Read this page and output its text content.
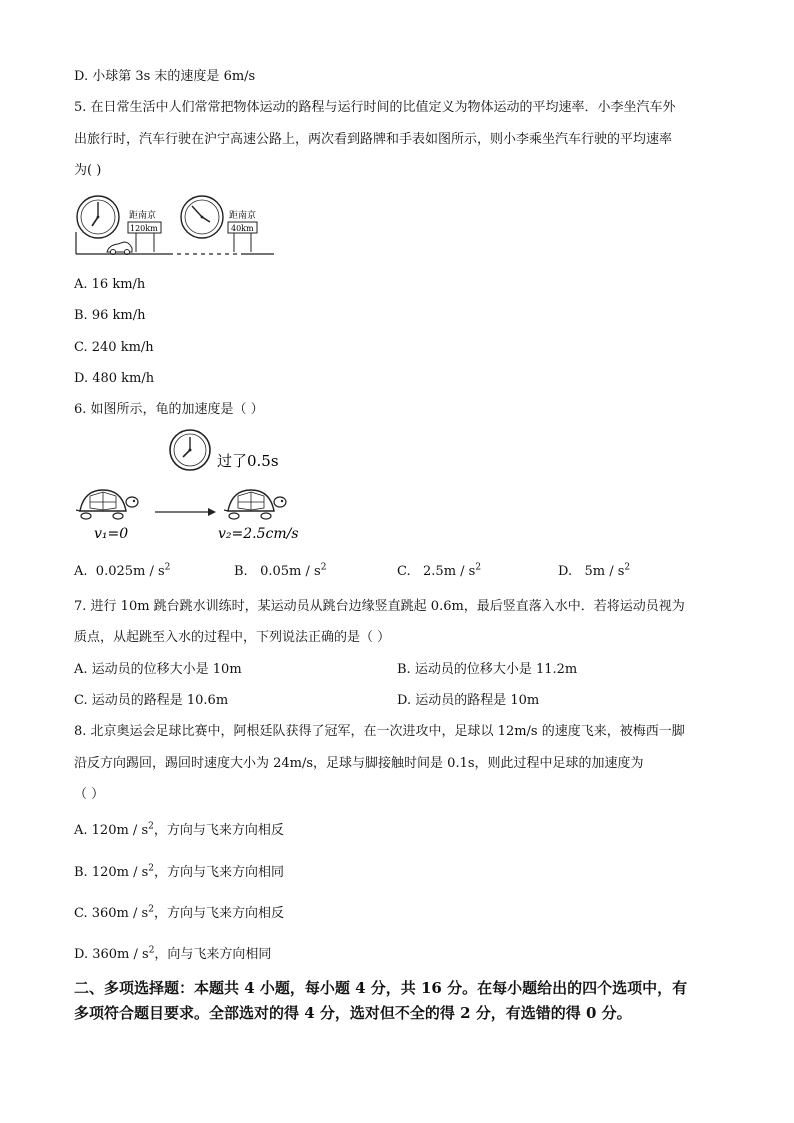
D. 小球第 3s 末的速度是 6m/s
5. 在日常生活中人们常常把物体运动的路程与运行时间的比值定义为物体运动的平均速率．小李坐汽车外
出旅行时，汽车行驶在沪宁高速公路上，两次看到路牌和手表如图所示，则小李乘坐汽车行驶的平均速率
为( )
距南京
120km
距南京
40km
A. 16 km/h
B. 96 km/h
C. 240 km/h
D. 480 km/h
6. 如图所示，龟的加速度是（ ）
过了0.5s
v₁=0	v₂=2.5cm/s
A. $0.025m / s^2$	B. $0.05m / s^2$	C. $2.5m / s^2$	D. $5m / s^2$
7. 进行 10m 跳台跳水训练时，某运动员从跳台边缘竖直跳起 0.6m，最后竖直落入水中．若将运动员视为
质点，从起跳至入水的过程中，下列说法正确的是（ ）
A. 运动员的位移大小是 10m	B. 运动员的位移大小是 11.2m
C. 运动员的路程是 10.6m	D. 运动员的路程是 10m
8. 北京奥运会足球比赛中，阿根廷队获得了冠军，在一次进攻中，足球以 12m/s 的速度飞来，被梅西一脚
沿反方向踢回，踢回时速度大小为 24m/s，足球与脚接触时间是 0.1s，则此过程中足球的加速度为
（ ）
A. $120m / s^2$，方向与飞来方向相反
B. $120m / s^2$，方向与飞来方向相同
C. $360m / s^2$，方向与飞来方向相反
D. $360m / s^2$，向与飞来方向相同
二、多项选择题：本题共 4 小题，每小题 4 分，共 16 分。在每小题给出的四个选项中，有
多项符合题目要求。全部选对的得 4 分，选对但不全的得 2 分，有选错的得 0 分。
